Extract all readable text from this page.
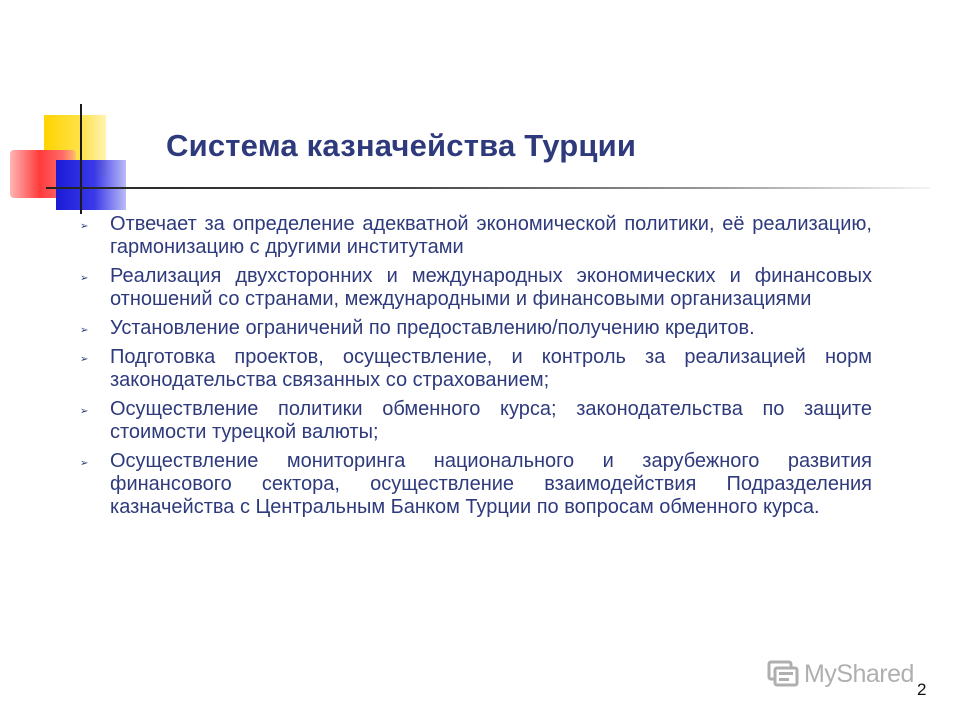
Система казначейства Турции
➢ Отвечает за определение адекватной экономической политики, её реализацию, гармонизацию с другими институтами
➢ Реализация двухсторонних и международных экономических и финансовых отношений со странами, международными и финансовыми организациями
➢ Установление ограничений по предоставлению/получению кредитов.
➢ Подготовка проектов, осуществление, и контроль за реализацией норм законодательства связанных со страхованием;
➢ Осуществление политики обменного курса; законодательства по защите стоимости турецкой валюты;
➢ Осуществление мониторинга национального и зарубежного развития финансового сектора, осуществление взаимодействия Подразделения казначейства с Центральным Банком Турции по вопросам обменного курса.
MyShared
2
